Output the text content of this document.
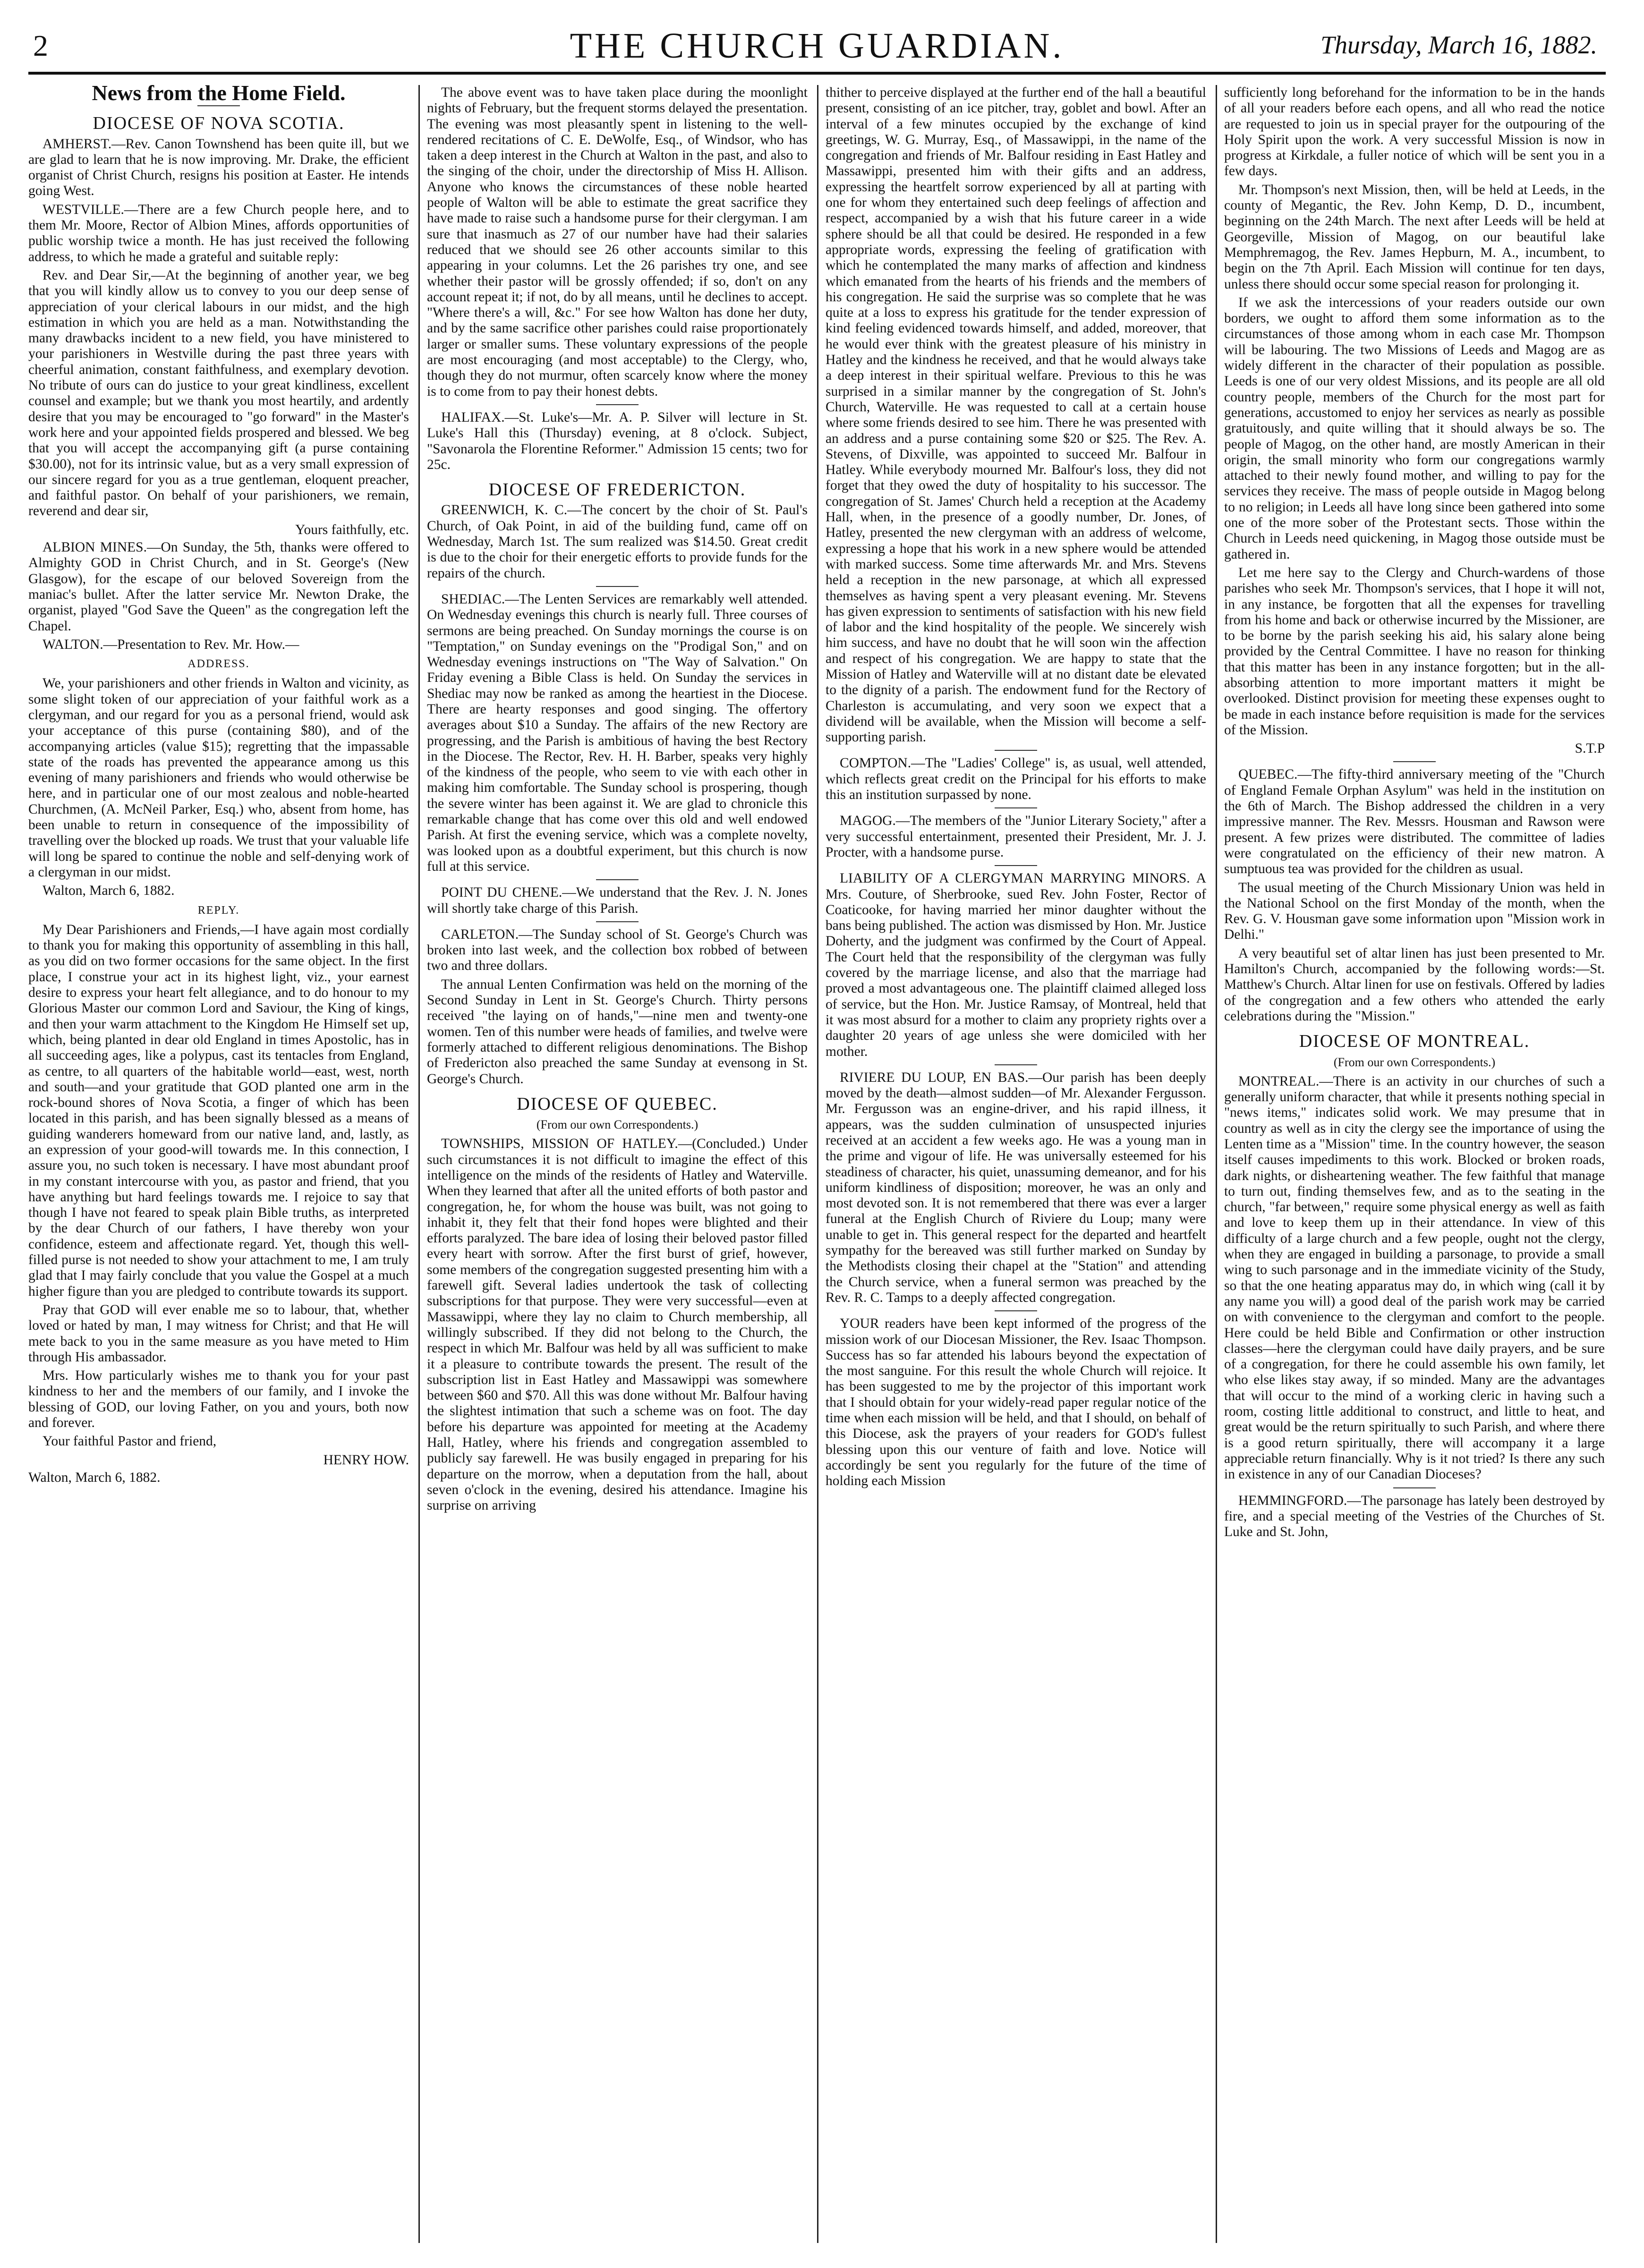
2	THE CHURCH GUARDIAN.	Thursday, March 16, 1882.
News from the Home Field.
DIOCESE OF NOVA SCOTIA.

AMHERST.—Rev. Canon Townshend has been quite ill, but we are glad to learn that he is now improving. Mr. Drake, the efficient organist of Christ Church, resigns his position at Easter. He intends going West.

WESTVILLE.—There are a few Church people here, and to them Mr. Moore, Rector of Albion Mines, affords opportunities of public worship twice a month. He has just received the following address, to which he made a grateful and suitable reply:

Rev. and Dear Sir,—At the beginning of another year, we beg that you will kindly allow us to convey to you our deep sense of appreciation of your clerical labours in our midst, and the high estimation in which you are held as a man. Notwithstanding the many drawbacks incident to a new field, you have ministered to your parishioners in Westville during the past three years with cheerful animation, constant faithfulness, and exemplary devotion. No tribute of ours can do justice to your great kindliness, excellent counsel and example; but we thank you most heartily, and ardently desire that you may be encouraged to "go forward" in the Master's work here and your appointed fields prospered and blessed. We beg that you will accept the accompanying gift (a purse containing $30.00), not for its intrinsic value, but as a very small expression of our sincere regard for you as a true gentleman, eloquent preacher, and faithful pastor. On behalf of your parishioners, we remain, reverend and dear sir,

Yours faithfully, etc.

ALBION MINES.—On Sunday, the 5th, thanks were offered to Almighty GOD in Christ Church, and in St. George's (New Glasgow), for the escape of our beloved Sovereign from the maniac's bullet. After the latter service Mr. Newton Drake, the organist, played "God Save the Queen" as the congregation left the Chapel.

WALTON.—Presentation to Rev. Mr. How.—

ADDRESS.

We, your parishioners and other friends in Walton and vicinity, as some slight token of our appreciation of your faithful work as a clergyman, and our regard for you as a personal friend, would ask your acceptance of this purse (containing $80), and of the accompanying articles (value $15); regretting that the impassable state of the roads has prevented the appearance among us this evening of many parishioners and friends who would otherwise be here, and in particular one of our most zealous and noble-hearted Churchmen, (A. McNeil Parker, Esq.) who, absent from home, has been unable to return in consequence of the impossibility of travelling over the blocked up roads. We trust that your valuable life will long be spared to continue the noble and self-denying work of a clergyman in our midst.

Walton, March 6, 1882.

REPLY.

My Dear Parishioners and Friends,—I have again most cordially to thank you for making this opportunity of assembling in this hall, as you did on two former occasions for the same object. In the first place, I construe your act in its highest light, viz., your earnest desire to express your heart felt allegiance, and to do honour to my Glorious Master our common Lord and Saviour, the King of kings, and then your warm attachment to the Kingdom He Himself set up, which, being planted in dear old England in times Apostolic, has in all succeeding ages, like a polypus, cast its tentacles from England, as centre, to all quarters of the habitable world—east, west, north and south—and your gratitude that GOD planted one arm in the rock-bound shores of Nova Scotia, a finger of which has been located in this parish, and has been signally blessed as a means of guiding wanderers homeward from our native land, and, lastly, as an expression of your good-will towards me. In this connection, I assure you, no such token is necessary. I have most abundant proof in my constant intercourse with you, as pastor and friend, that you have anything but hard feelings towards me. I rejoice to say that though I have not feared to speak plain Bible truths, as interpreted by the dear Church of our fathers, I have thereby won your confidence, esteem and affectionate regard. Yet, though this well-filled purse is not needed to show your attachment to me, I am truly glad that I may fairly conclude that you value the Gospel at a much higher figure than you are pledged to contribute towards its support.

Pray that GOD will ever enable me so to labour, that, whether loved or hated by man, I may witness for Christ; and that He will mete back to you in the same measure as you have meted to Him through His ambassador.

Mrs. How particularly wishes me to thank you for your past kindness to her and the members of our family, and I invoke the blessing of GOD, our loving Father, on you and yours, both now and forever.

Your faithful Pastor and friend,

HENRY HOW.

Walton, March 6, 1882.

The above event was to have taken place during the moonlight nights of February, but the frequent storms delayed the presentation. The evening was most pleasantly spent in listening to the well-rendered recitations of C. E. DeWolfe, Esq., of Windsor, who has taken a deep interest in the Church at Walton in the past, and also to the singing of the choir, under the directorship of Miss H. Allison. Anyone who knows the circumstances of these noble hearted people of Walton will be able to estimate the great sacrifice they have made to raise such a handsome purse for their clergyman. I am sure that inasmuch as 27 of our number have had their salaries reduced that we should see 26 other accounts similar to this appearing in your columns. Let the 26 parishes try one, and see whether their pastor will be grossly offended; if so, don't on any account repeat it; if not, do by all means, until he declines to accept. "Where there's a will, &c." For see how Walton has done her duty, and by the same sacrifice other parishes could raise proportionately larger or smaller sums. These voluntary expressions of the people are most encouraging (and most acceptable) to the Clergy, who, though they do not murmur, often scarcely know where the money is to come from to pay their honest debts.

HALIFAX.—St. Luke's—Mr. A. P. Silver will lecture in St. Luke's Hall this (Thursday) evening, at 8 o'clock. Subject, "Savonarola the Florentine Reformer." Admission 15 cents; two for 25c.

DIOCESE OF FREDERICTON.

GREENWICH, K. C.—The concert by the choir of St. Paul's Church, of Oak Point, in aid of the building fund, came off on Wednesday, March 1st. The sum realized was $14.50. Great credit is due to the choir for their energetic efforts to provide funds for the repairs of the church.

SHEDIAC.—The Lenten Services are remarkably well attended. On Wednesday evenings this church is nearly full. Three courses of sermons are being preached. On Sunday mornings the course is on "Temptation," on Sunday evenings on the "Prodigal Son," and on Wednesday evenings instructions on "The Way of Salvation." On Friday evening a Bible Class is held. On Sunday the services in Shediac may now be ranked as among the heartiest in the Diocese. There are hearty responses and good singing. The offertory averages about $10 a Sunday. The affairs of the new Rectory are progressing, and the Parish is ambitious of having the best Rectory in the Diocese. The Rector, Rev. H. H. Barber, speaks very highly of the kindness of the people, who seem to vie with each other in making him comfortable. The Sunday school is prospering, though the severe winter has been against it. We are glad to chronicle this remarkable change that has come over this old and well endowed Parish. At first the evening service, which was a complete novelty, was looked upon as a doubtful experiment, but this church is now full at this service.

POINT DU CHENE.—We understand that the Rev. J. N. Jones will shortly take charge of this Parish.

CARLETON.—The Sunday school of St. George's Church was broken into last week, and the collection box robbed of between two and three dollars.

The annual Lenten Confirmation was held on the morning of the Second Sunday in Lent in St. George's Church. Thirty persons received "the laying on of hands,"—nine men and twenty-one women. Ten of this number were heads of families, and twelve were formerly attached to different religious denominations. The Bishop of Fredericton also preached the same Sunday at evensong in St. George's Church.

DIOCESE OF QUEBEC.
(From our own Correspondents.)

TOWNSHIPS, MISSION OF HATLEY.—(Concluded.) Under such circumstances it is not difficult to imagine the effect of this intelligence on the minds of the residents of Hatley and Waterville. When they learned that after all the united efforts of both pastor and congregation, he, for whom the house was built, was not going to inhabit it, they felt that their fond hopes were blighted and their efforts paralyzed. The bare idea of losing their beloved pastor filled every heart with sorrow. After the first burst of grief, however, some members of the congregation suggested presenting him with a farewell gift. Several ladies undertook the task of collecting subscriptions for that purpose. They were very successful—even at Massawippi, where they lay no claim to Church membership, all willingly subscribed. If they did not belong to the Church, the respect in which Mr. Balfour was held by all was sufficient to make it a pleasure to contribute towards the present. The result of the subscription list in East Hatley and Massawippi was somewhere between $60 and $70. All this was done without Mr. Balfour having the slightest intimation that such a scheme was on foot. The day before his departure was appointed for meeting at the Academy Hall, Hatley, where his friends and congregation assembled to publicly say farewell. He was busily engaged in preparing for his departure on the morrow, when a deputation from the hall, about seven o'clock in the evening, desired his attendance. Imagine his surprise on arriving

thither to perceive displayed at the further end of the hall a beautiful present, consisting of an ice pitcher, tray, goblet and bowl. After an interval of a few minutes occupied by the exchange of kind greetings, W. G. Murray, Esq., of Massawippi, in the name of the congregation and friends of Mr. Balfour residing in East Hatley and Massawippi, presented him with their gifts and an address, expressing the heartfelt sorrow experienced by all at parting with one for whom they entertained such deep feelings of affection and respect, accompanied by a wish that his future career in a wide sphere should be all that could be desired. He responded in a few appropriate words, expressing the feeling of gratification with which he contemplated the many marks of affection and kindness which emanated from the hearts of his friends and the members of his congregation. He said the surprise was so complete that he was quite at a loss to express his gratitude for the tender expression of kind feeling evidenced towards himself, and added, moreover, that he would ever think with the greatest pleasure of his ministry in Hatley and the kindness he received, and that he would always take a deep interest in their spiritual welfare. Previous to this he was surprised in a similar manner by the congregation of St. John's Church, Waterville. He was requested to call at a certain house where some friends desired to see him. There he was presented with an address and a purse containing some $20 or $25. The Rev. A. Stevens, of Dixville, was appointed to succeed Mr. Balfour in Hatley. While everybody mourned Mr. Balfour's loss, they did not forget that they owed the duty of hospitality to his successor. The congregation of St. James' Church held a reception at the Academy Hall, when, in the presence of a goodly number, Dr. Jones, of Hatley, presented the new clergyman with an address of welcome, expressing a hope that his work in a new sphere would be attended with marked success. Some time afterwards Mr. and Mrs. Stevens held a reception in the new parsonage, at which all expressed themselves as having spent a very pleasant evening. Mr. Stevens has given expression to sentiments of satisfaction with his new field of labor and the kind hospitality of the people. We sincerely wish him success, and have no doubt that he will soon win the affection and respect of his congregation. We are happy to state that the Mission of Hatley and Waterville will at no distant date be elevated to the dignity of a parish. The endowment fund for the Rectory of Charleston is accumulating, and very soon we expect that a dividend will be available, when the Mission will become a self-supporting parish.

COMPTON.—The "Ladies' College" is, as usual, well attended, which reflects great credit on the Principal for his efforts to make this an institution surpassed by none.

MAGOG.—The members of the "Junior Literary Society," after a very successful entertainment, presented their President, Mr. J. J. Procter, with a handsome purse.

LIABILITY OF A CLERGYMAN MARRYING MINORS. A Mrs. Couture, of Sherbrooke, sued Rev. John Foster, Rector of Coaticooke, for having married her minor daughter without the bans being published. The action was dismissed by Hon. Mr. Justice Doherty, and the judgment was confirmed by the Court of Appeal. The Court held that the responsibility of the clergyman was fully covered by the marriage license, and also that the marriage had proved a most advantageous one. The plaintiff claimed alleged loss of service, but the Hon. Mr. Justice Ramsay, of Montreal, held that it was most absurd for a mother to claim any propriety rights over a daughter 20 years of age unless she were domiciled with her mother.

RIVIERE DU LOUP, EN BAS.—Our parish has been deeply moved by the death—almost sudden—of Mr. Alexander Fergusson. Mr. Fergusson was an engine-driver, and his rapid illness, it appears, was the sudden culmination of unsuspected injuries received at an accident a few weeks ago. He was a young man in the prime and vigour of life. He was universally esteemed for his steadiness of character, his quiet, unassuming demeanor, and for his uniform kindliness of disposition; moreover, he was an only and most devoted son. It is not remembered that there was ever a larger funeral at the English Church of Riviere du Loup; many were unable to get in. This general respect for the departed and heartfelt sympathy for the bereaved was still further marked on Sunday by the Methodists closing their chapel at the "Station" and attending the Church service, when a funeral sermon was preached by the Rev. R. C. Tamps to a deeply affected congregation.

YOUR readers have been kept informed of the progress of the mission work of our Diocesan Missioner, the Rev. Isaac Thompson. Success has so far attended his labours beyond the expectation of the most sanguine. For this result the whole Church will rejoice. It has been suggested to me by the projector of this important work that I should obtain for your widely-read paper regular notice of the time when each mission will be held, and that I should, on behalf of this Diocese, ask the prayers of your readers for GOD's fullest blessing upon this our venture of faith and love. Notice will accordingly be sent you regularly for the future of the time of holding each Mission

sufficiently long beforehand for the information to be in the hands of all your readers before each opens, and all who read the notice are requested to join us in special prayer for the outpouring of the Holy Spirit upon the work. A very successful Mission is now in progress at Kirkdale, a fuller notice of which will be sent you in a few days.

Mr. Thompson's next Mission, then, will be held at Leeds, in the county of Megantic, the Rev. John Kemp, D. D., incumbent, beginning on the 24th March. The next after Leeds will be held at Georgeville, Mission of Magog, on our beautiful lake Memphremagog, the Rev. James Hepburn, M. A., incumbent, to begin on the 7th April. Each Mission will continue for ten days, unless there should occur some special reason for prolonging it.

If we ask the intercessions of your readers outside our own borders, we ought to afford them some information as to the circumstances of those among whom in each case Mr. Thompson will be labouring. The two Missions of Leeds and Magog are as widely different in the character of their population as possible. Leeds is one of our very oldest Missions, and its people are all old country people, members of the Church for the most part for generations, accustomed to enjoy her services as nearly as possible gratuitously, and quite willing that it should always be so. The people of Magog, on the other hand, are mostly American in their origin, the small minority who form our congregations warmly attached to their newly found mother, and willing to pay for the services they receive. The mass of people outside in Magog belong to no religion; in Leeds all have long since been gathered into some one of the more sober of the Protestant sects. Those within the Church in Leeds need quickening, in Magog those outside must be gathered in.

Let me here say to the Clergy and Church-wardens of those parishes who seek Mr. Thompson's services, that I hope it will not, in any instance, be forgotten that all the expenses for travelling from his home and back or otherwise incurred by the Missioner, are to be borne by the parish seeking his aid, his salary alone being provided by the Central Committee. I have no reason for thinking that this matter has been in any instance forgotten; but in the all-absorbing attention to more important matters it might be overlooked. Distinct provision for meeting these expenses ought to be made in each instance before requisition is made for the services of the Mission.

S.T.P

QUEBEC.—The fifty-third anniversary meeting of the "Church of England Female Orphan Asylum" was held in the institution on the 6th of March. The Bishop addressed the children in a very impressive manner. The Rev. Messrs. Housman and Rawson were present. A few prizes were distributed. The committee of ladies were congratulated on the efficiency of their new matron. A sumptuous tea was provided for the children as usual.

The usual meeting of the Church Missionary Union was held in the National School on the first Monday of the month, when the Rev. G. V. Housman gave some information upon "Mission work in Delhi."

A very beautiful set of altar linen has just been presented to Mr. Hamilton's Church, accompanied by the following words:—St. Matthew's Church. Altar linen for use on festivals. Offered by ladies of the congregation and a few others who attended the early celebrations during the "Mission."

DIOCESE OF MONTREAL.
(From our own Correspondents.)

MONTREAL.—There is an activity in our churches of such a generally uniform character, that while it presents nothing special in "news items," indicates solid work. We may presume that in country as well as in city the clergy see the importance of using the Lenten time as a "Mission" time. In the country however, the season itself causes impediments to this work. Blocked or broken roads, dark nights, or disheartening weather. The few faithful that manage to turn out, finding themselves few, and as to the seating in the church, "far between," require some physical energy as well as faith and love to keep them up in their attendance. In view of this difficulty of a large church and a few people, ought not the clergy, when they are engaged in building a parsonage, to provide a small wing to such parsonage and in the immediate vicinity of the Study, so that the one heating apparatus may do, in which wing (call it by any name you will) a good deal of the parish work may be carried on with convenience to the clergyman and comfort to the people. Here could be held Bible and Confirmation or other instruction classes—here the clergyman could have daily prayers, and be sure of a congregation, for there he could assemble his own family, let who else likes stay away, if so minded. Many are the advantages that will occur to the mind of a working cleric in having such a room, costing little additional to construct, and little to heat, and great would be the return spiritually to such Parish, and where there is a good return spiritually, there will accompany it a large appreciable return financially. Why is it not tried? Is there any such in existence in any of our Canadian Dioceses?

HEMMINGFORD.—The parsonage has lately been destroyed by fire, and a special meeting of the Vestries of the Churches of St. Luke and St. John,
